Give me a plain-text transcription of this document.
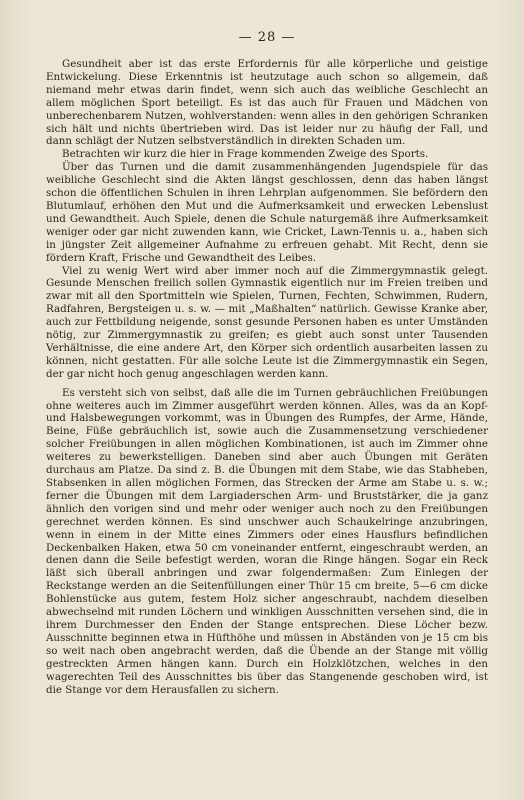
— 28 —

Gesundheit aber ist das erste Erfordernis für alle körperliche und geistige Entwickelung. Diese Erkenntnis ist heutzutage auch schon so allgemein, daß niemand mehr etwas darin findet, wenn sich auch das weibliche Geschlecht an allem möglichen Sport beteiligt. Es ist das auch für Frauen und Mädchen von unberechenbarem Nutzen, wohlverstanden: wenn alles in den gehörigen Schranken sich hält und nichts übertrieben wird. Das ist leider nur zu häufig der Fall, und dann schlägt der Nutzen selbstverständlich in direkten Schaden um.

Betrachten wir kurz die hier in Frage kommenden Zweige des Sports.

Über das Turnen und die damit zusammenhängenden Jugendspiele für das weibliche Geschlecht sind die Akten längst geschlossen, denn das haben längst schon die öffentlichen Schulen in ihren Lehrplan aufgenommen. Sie befördern den Blutumlauf, erhöhen den Mut und die Aufmerksamkeit und erwecken Lebenslust und Gewandtheit. Auch Spiele, denen die Schule naturgemäß ihre Aufmerksamkeit weniger oder gar nicht zuwenden kann, wie Cricket, Lawn-Tennis u. a., haben sich in jüngster Zeit allgemeiner Aufnahme zu erfreuen gehabt. Mit Recht, denn sie fördern Kraft, Frische und Gewandtheit des Leibes.

Viel zu wenig Wert wird aber immer noch auf die Zimmergymnastik gelegt. Gesunde Menschen freilich sollen Gymnastik eigentlich nur im Freien treiben und zwar mit all den Sportmitteln wie Spielen, Turnen, Fechten, Schwimmen, Rudern, Radfahren, Bergsteigen u. s. w. — mit „Maßhalten“ natürlich. Gewisse Kranke aber, auch zur Fettbildung neigende, sonst gesunde Personen haben es unter Umständen nötig, zur Zimmergymnastik zu greifen; es giebt auch sonst unter Tausenden Verhältnisse, die eine andere Art, den Körper sich ordentlich ausarbeiten lassen zu können, nicht gestatten. Für alle solche Leute ist die Zimmergymnastik ein Segen, der gar nicht hoch genug angeschlagen werden kann.

Es versteht sich von selbst, daß alle die im Turnen gebräuchlichen Freiübungen ohne weiteres auch im Zimmer ausgeführt werden können. Alles, was da an Kopf- und Halsbewegungen vorkommt, was in Übungen des Rumpfes, der Arme, Hände, Beine, Füße gebräuchlich ist, sowie auch die Zusammensetzung verschiedener solcher Freiübungen in allen möglichen Kombinationen, ist auch im Zimmer ohne weiteres zu bewerkstelligen. Daneben sind aber auch Übungen mit Geräten durchaus am Platze. Da sind z. B. die Übungen mit dem Stabe, wie das Stabheben, Stabsenken in allen möglichen Formen, das Strecken der Arme am Stabe u. s. w.; ferner die Übungen mit dem Largiaderschen Arm- und Bruststärker, die ja ganz ähnlich den vorigen sind und mehr oder weniger auch noch zu den Freiübungen gerechnet werden können. Es sind unschwer auch Schaukelringe anzubringen, wenn in einem in der Mitte eines Zimmers oder eines Hausflurs befindlichen Deckenbalken Haken, etwa 50 cm voneinander entfernt, eingeschraubt werden, an denen dann die Seile befestigt werden, woran die Ringe hängen. Sogar ein Reck läßt sich überall anbringen und zwar folgendermaßen: Zum Einlegen der Reckstange werden an die Seitenfüllungen einer Thür 15 cm breite, 5—6 cm dicke Bohlenstücke aus gutem, festem Holz sicher angeschraubt, nachdem dieselben abwechselnd mit runden Löchern und winkligen Ausschnitten versehen sind, die in ihrem Durchmesser den Enden der Stange entsprechen. Diese Löcher bezw. Ausschnitte beginnen etwa in Hüfthöhe und müssen in Abständen von je 15 cm bis so weit nach oben angebracht werden, daß die Übende an der Stange mit völlig gestreckten Armen hängen kann. Durch ein Holzklötzchen, welches in den wagerechten Teil des Ausschnittes bis über das Stangenende geschoben wird, ist die Stange vor dem Herausfallen zu sichern.
